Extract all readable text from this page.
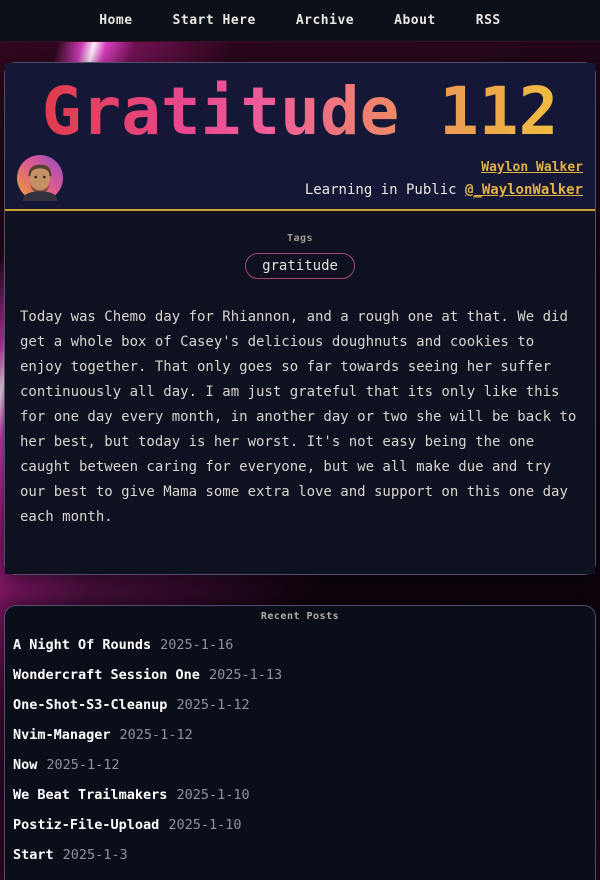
Home	Start Here	Archive	About	RSS
Gratitude 112
Waylon Walker
Learning in Public @_WaylonWalker
Tags
gratitude

Today was Chemo day for Rhiannon, and a rough one at that. We did get a whole box of Casey's delicious doughnuts and cookies to enjoy together. That only goes so far towards seeing her suffer continuously all day. I am just grateful that its only like this for one day every month, in another day or two she will be back to her best, but today is her worst. It's not easy being the one caught between caring for everyone, but we all make due and try our best to give Mama some extra love and support on this one day each month.

Recent Posts
A Night Of Rounds 2025-1-16
Wondercraft Session One 2025-1-13
One-Shot-S3-Cleanup 2025-1-12
Nvim-Manager 2025-1-12
Now 2025-1-12
We Beat Trailmakers 2025-1-10
Postiz-File-Upload 2025-1-10
Start 2025-1-3
